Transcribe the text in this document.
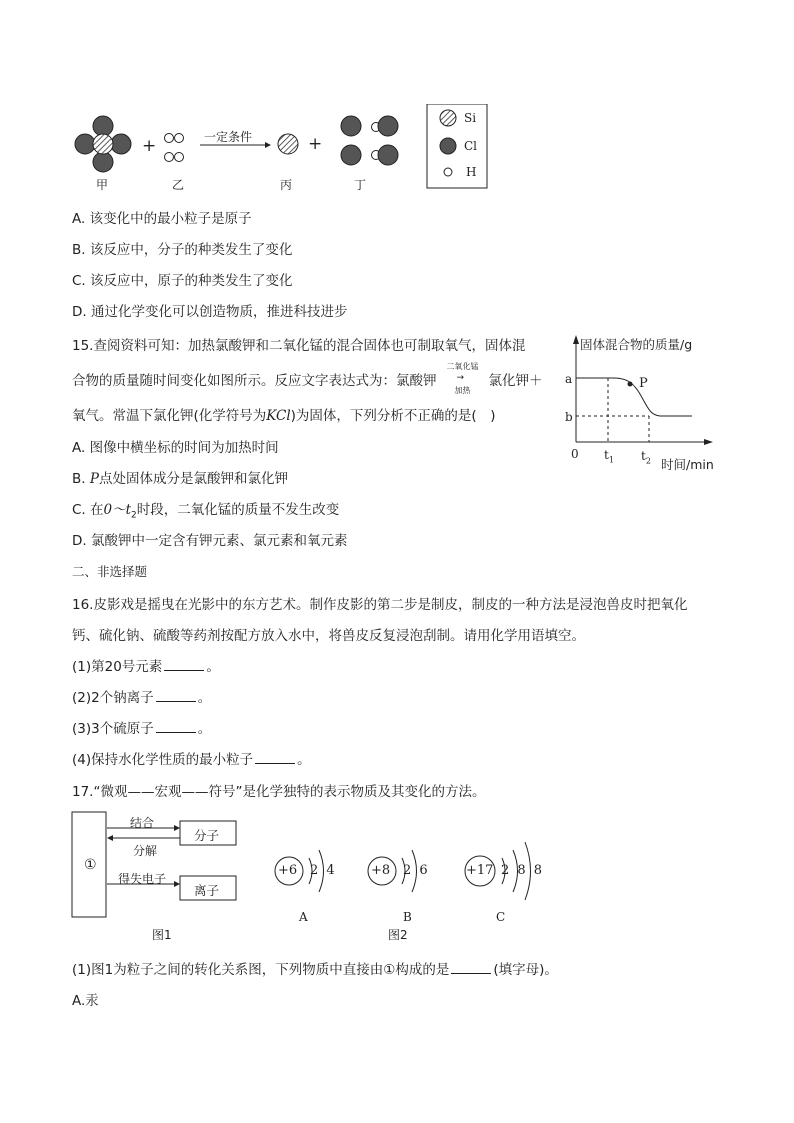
+	+
一定条件
甲	乙	丙	丁
Si
Cl
H
A. 该变化中的最小粒子是原子
B. 该反应中，分子的种类发生了变化
C. 该反应中，原子的种类发生了变化
D. 通过化学变化可以创造物质，推进科技进步
15.查阅资料可知：加热氯酸钾和二氧化锰的混合固体也可制取氧气，固体混
合物的质量随时间变化如图所示。反应文字表达式为：氯酸钾
二氧化锰
→
加热
氯化钾＋
氧气。常温下氯化钾(化学符号为KCl)为固体，下列分析不正确的是(　)
A. 图像中横坐标的时间为加热时间
B. P点处固体成分是氯酸钾和氯化钾
C. 在$0\sim t_2$时段，二氧化锰的质量不发生改变
D. 氯酸钾中一定含有钾元素、氯元素和氧元素
固体混合物的质量/g
a
b
P
0 $t_1$ $t_2$ 时间/min
二、非选择题
16.皮影戏是摇曳在光影中的东方艺术。制作皮影的第二步是制皮，制皮的一种方法是浸泡兽皮时把氧化
钙、硫化钠、硫酸等药剂按配方放入水中，将兽皮反复浸泡刮制。请用化学用语填空。
(1)第20号元素	。
(2)2个钠离子	。
(3)3个硫原子	。
(4)保持水化学性质的最小粒子	。
17.“微观——宏观——符号”是化学独特的表示物质及其变化的方法。
①
结合
分解
得失电子
分子
离子
图1
+6 2 4
A
+8 2 6
B
+17 2 8 8
C
图2
(1)图1为粒子之间的转化关系图，下列物质中直接由①构成的是	(填字母)。
A.汞
